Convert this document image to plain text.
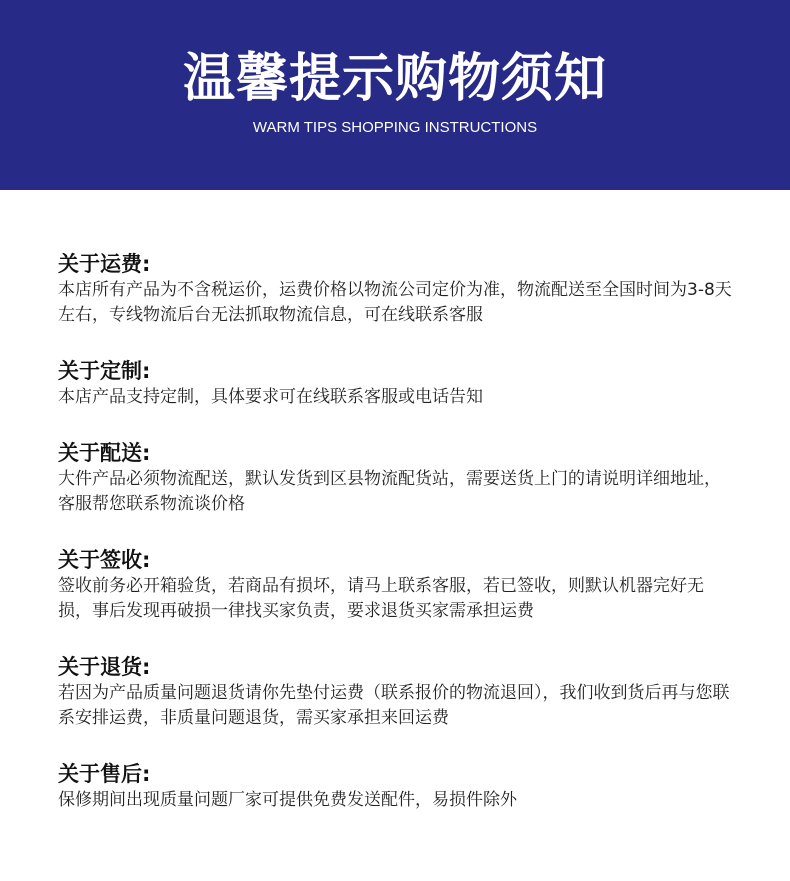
温馨提示购物须知
WARM TIPS SHOPPING INSTRUCTIONS
关于运费:

本店所有产品为不含税运价，运费价格以物流公司定价为准，物流配送至全国时间为3-8天左右，专线物流后台无法抓取物流信息，可在线联系客服

关于定制:

本店产品支持定制，具体要求可在线联系客服或电话告知

关于配送:

大件产品必须物流配送，默认发货到区县物流配货站，需要送货上门的请说明详细地址，客服帮您联系物流谈价格

关于签收:

签收前务必开箱验货，若商品有损坏，请马上联系客服，若已签收，则默认机器完好无损，事后发现再破损一律找买家负责，要求退货买家需承担运费

关于退货:

若因为产品质量问题退货请你先垫付运费（联系报价的物流退回），我们收到货后再与您联系安排运费，非质量问题退货，需买家承担来回运费

关于售后:

保修期间出现质量问题厂家可提供免费发送配件，易损件除外
